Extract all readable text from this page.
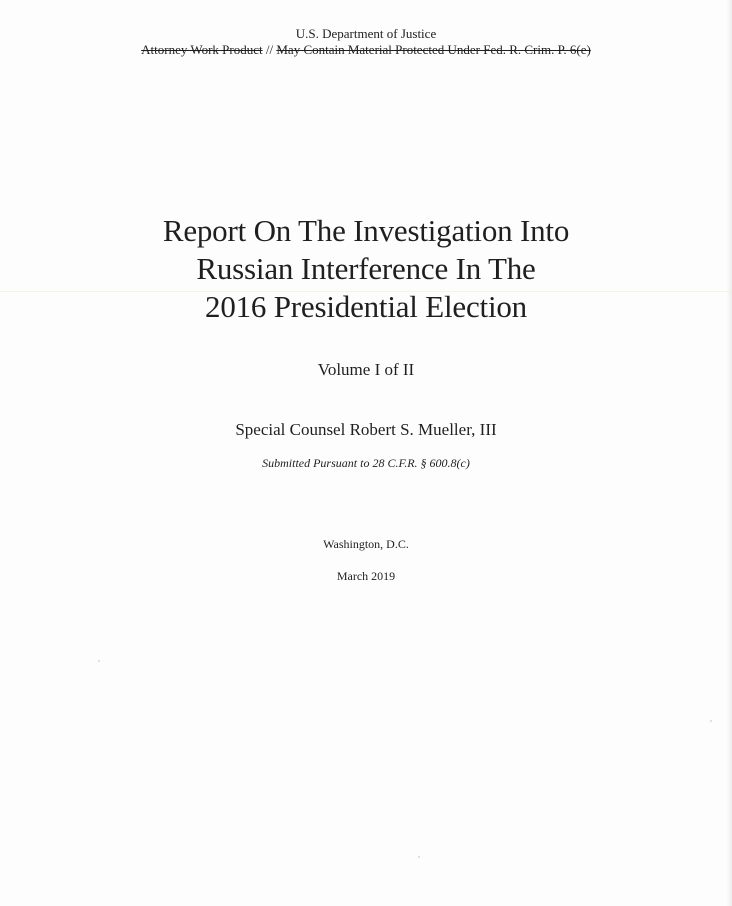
U.S. Department of Justice
Attorney Work Product // May Contain Material Protected Under Fed. R. Crim. P. 6(e)
Report On The Investigation Into
Russian Interference In The
2016 Presidential Election
Volume I of II
Special Counsel Robert S. Mueller, III
Submitted Pursuant to 28 C.F.R. § 600.8(c)
Washington, D.C.
March 2019
